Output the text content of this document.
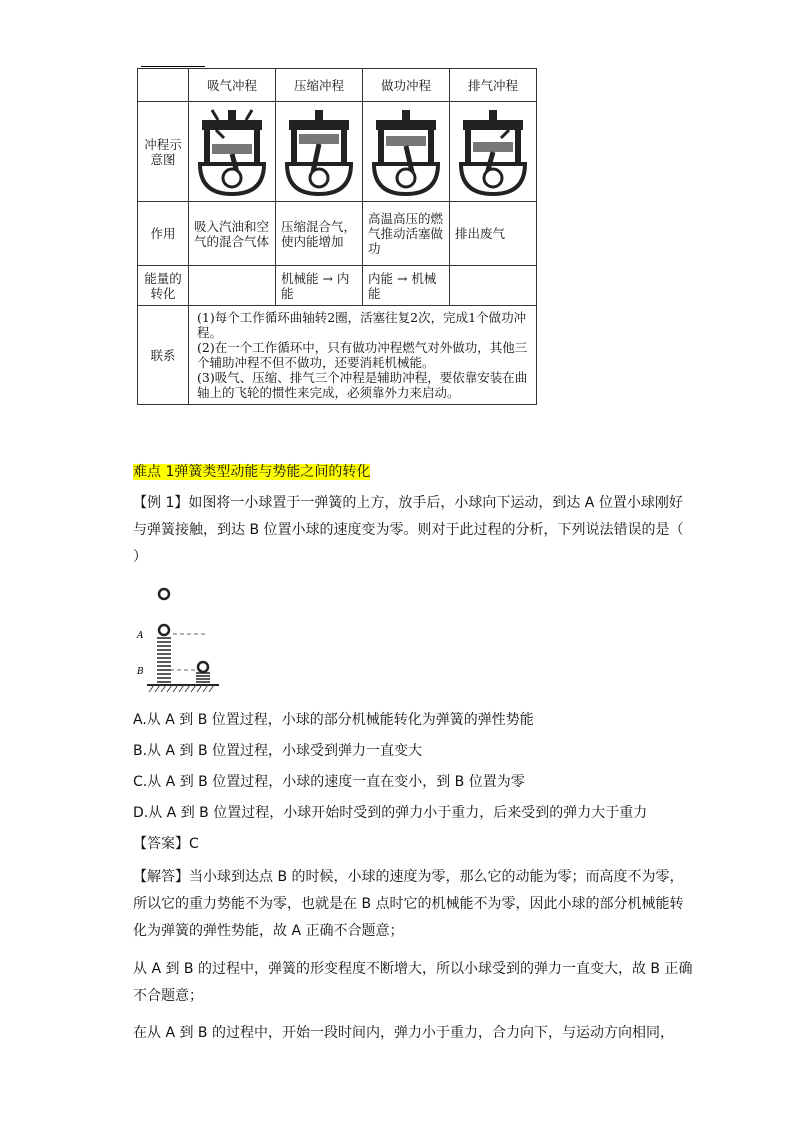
	吸气冲程	压缩冲程	做功冲程	排气冲程
冲程示意图	

作用	吸入汽油和空气的混合气体	压缩混合气，使内能增加	高温高压的燃气推动活塞做功	排出废气
能量的转化		机械能 → 内能	内能 → 机械能	
联系	(1)每个工作循环曲轴转2圈，活塞往复2次，完成1个做功冲程。

(2)在一个工作循环中，只有做功冲程燃气对外做功，其他三个辅助冲程不但不做功，还要消耗机械能。

(3)吸气、压缩、排气三个冲程是辅助冲程，要依靠安装在曲轴上的飞轮的惯性来完成，必须靠外力来启动。			

难点 1弹簧类型动能与势能之间的转化
【例 1】如图将一小球置于一弹簧的上方，放手后，小球向下运动，到达 A 位置小球刚好与弹簧接触，到达 B 位置小球的速度变为零。则对于此过程的分析，下列说法错误的是（ ）
A
B
A.从 A 到 B 位置过程，小球的部分机械能转化为弹簧的弹性势能
B.从 A 到 B 位置过程，小球受到弹力一直变大
C.从 A 到 B 位置过程，小球的速度一直在变小，到 B 位置为零
D.从 A 到 B 位置过程，小球开始时受到的弹力小于重力，后来受到的弹力大于重力
【答案】C
【解答】当小球到达点 B 的时候，小球的速度为零，那么它的动能为零；而高度不为零，所以它的重力势能不为零，也就是在 B 点时它的机械能不为零，因此小球的部分机械能转化为弹簧的弹性势能，故 A 正确不合题意；
从 A 到 B 的过程中，弹簧的形变程度不断增大，所以小球受到的弹力一直变大，故 B 正确不合题意；
在从 A 到 B 的过程中，开始一段时间内，弹力小于重力，合力向下，与运动方向相同，
